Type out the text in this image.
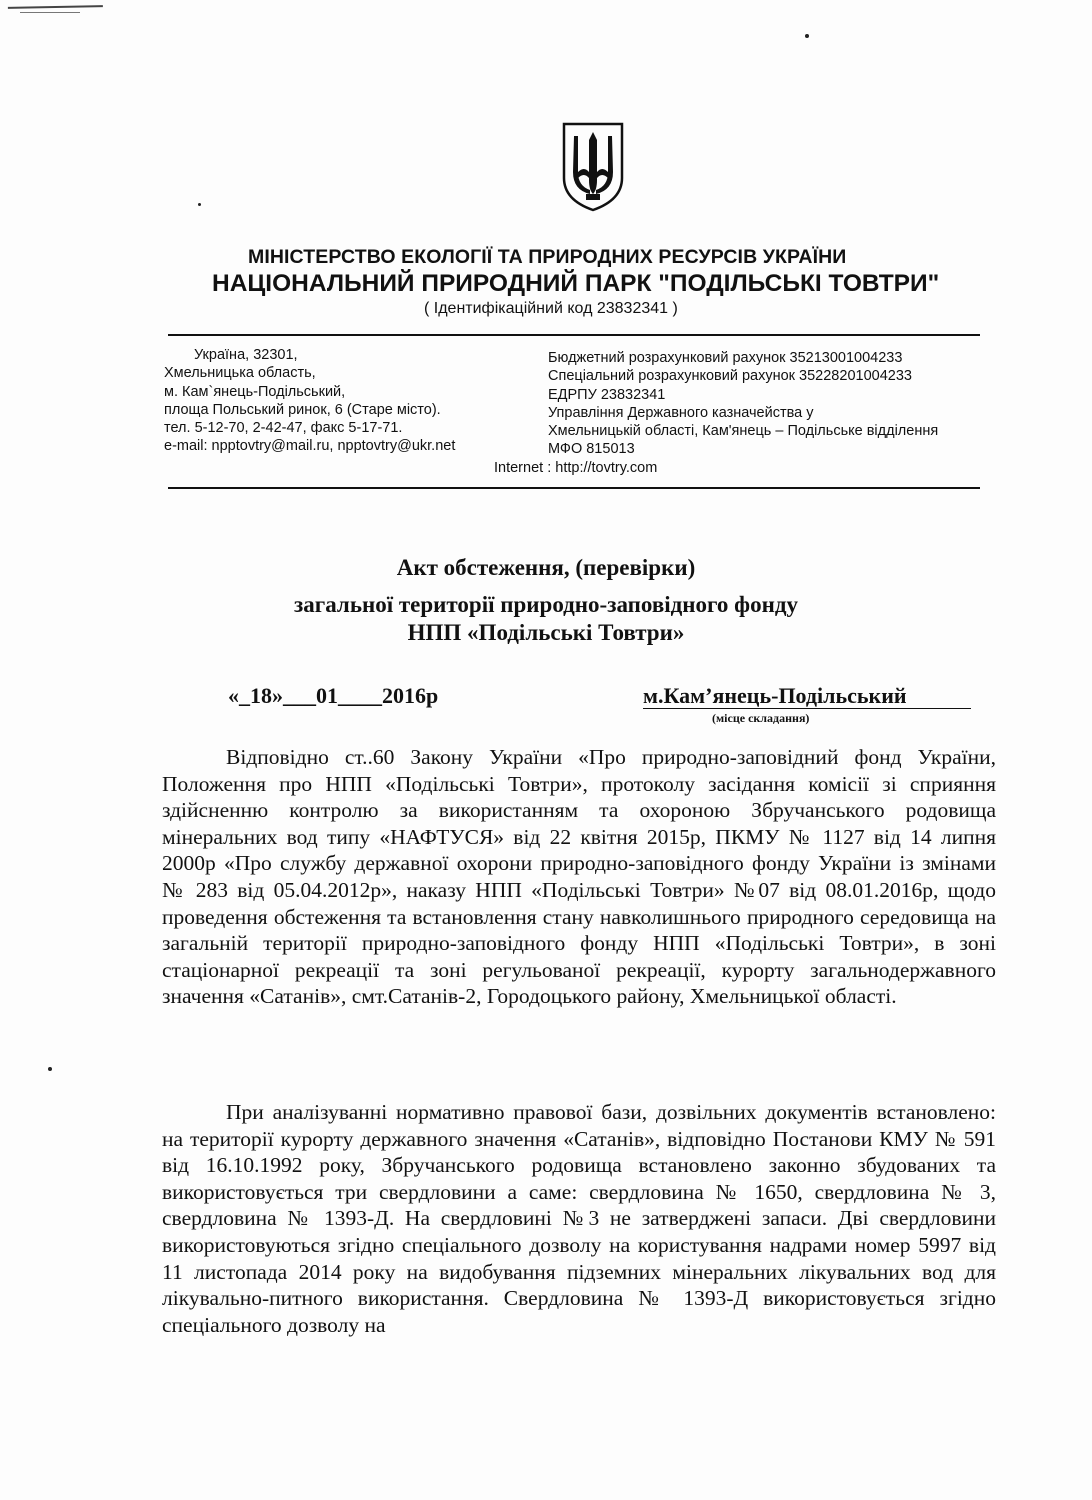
МІНІСТЕРСТВО ЕКОЛОГІЇ ТА ПРИРОДНИХ РЕСУРСІВ УКРАЇНИ
НАЦІОНАЛЬНИЙ ПРИРОДНИЙ ПАРК "ПОДІЛЬСЬКІ ТОВТРИ"
( Ідентифікаційний код 23832341 )
Україна, 32301,
Хмельницька область,
м. Кам`янець-Подільський,
площа Польський ринок, 6 (Старе місто).
тел. 5-12-70, 2-42-47, факс 5-17-71.
e-mail: npptovtry@mail.ru, npptovtry@ukr.net
Бюджетний розрахунковий рахунок 35213001004233
Спеціальний розрахунковий рахунок 35228201004233
ЕДРПУ 23832341
Управління Державного казначейства у
Хмельницькій області, Кам'янець – Подільське відділення
МФО 815013
Internet : http://tovtry.com
Акт обстеження, (перевірки)
загальної території природно-заповідного фонду
НПП «Подільські Товтри»
«_18»___01____2016р	м.Кам’янець-Подільський
(місце складання)
Відповідно ст..60 Закону України «Про природно-заповідний фонд України, Положення про НПП «Подільські Товтри», протоколу засідання комісії зі сприяння здійсненню контролю за використанням та охороною Збручанського родовища мінеральних вод типу «НАФТУСЯ» від 22 квітня 2015р, ПКМУ № 1127 від 14 липня 2000р «Про службу державної охорони природно-заповідного фонду України із змінами № 283 від 05.04.2012р», наказу НПП «Подільські Товтри» №07 від 08.01.2016р, щодо проведення обстеження та встановлення стану навколишнього природного середовища на загальній території природно-заповідного фонду НПП «Подільські Товтри», в зоні стаціонарної рекреації та зоні регульованої рекреації, курорту загальнодержавного значення «Сатанів», смт.Сатанів-2, Городоцького району, Хмельницької області.
При аналізуванні нормативно правової бази, дозвільних документів встановлено: на території курорту державного значення «Сатанів», відповідно Постанови КМУ № 591 від 16.10.1992 року, Збручанського родовища встановлено законно збудованих та використовується три свердловини а саме: свердловина № 1650, свердловина № 3, свердловина № 1393-Д. На свердловині №3 не затверджені запаси. Дві свердловини використовуються згідно спеціального дозволу на користування надрами номер 5997 від 11 листопада 2014 року на видобування підземних мінеральних лікувальних вод для лікувально-питного використання. Свердловина № 1393-Д використовується згідно спеціального дозволу на
